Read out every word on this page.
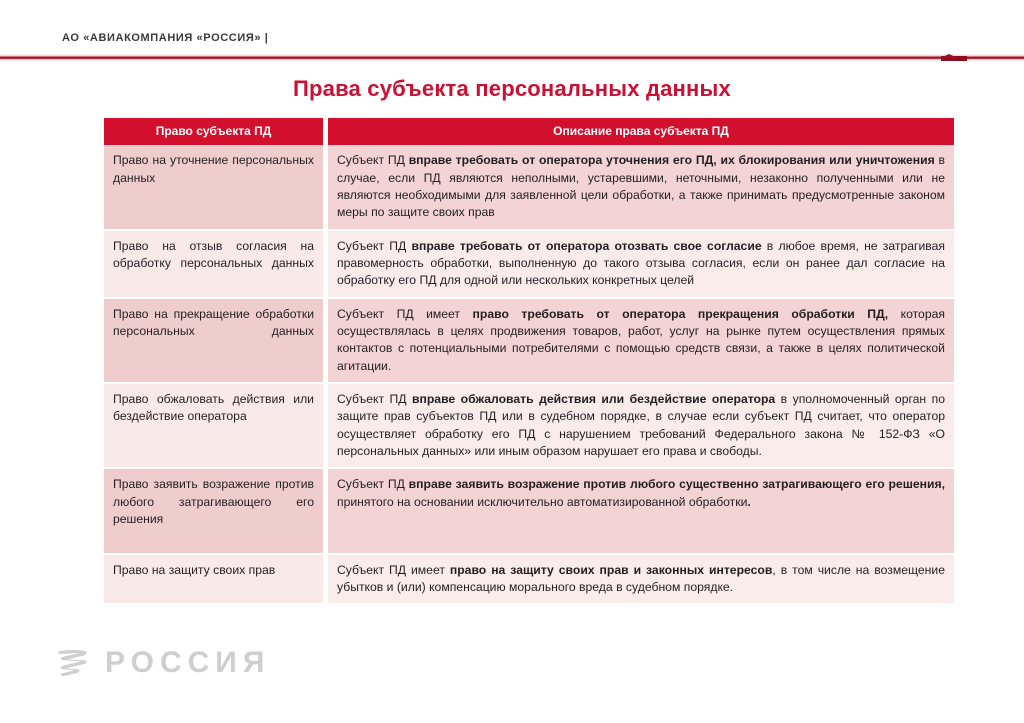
АО «АВИАКОМПАНИЯ «РОССИЯ» |
Права субъекта персональных данных
Право субъекта ПД		Описание права субъекта ПД
Право на уточнение персональных данных		Субъект ПД вправе требовать от оператора уточнения его ПД, их блокирования или уничтожения в случае, если ПД являются неполными, устаревшими, неточными, незаконно полученными или не являются необходимыми для заявленной цели обработки, а также принимать предусмотренные законом меры по защите своих прав
Право на отзыв согласия на обработку персональных данных		Субъект ПД вправе требовать от оператора отозвать свое согласие в любое время, не затрагивая правомерность обработки, выполненную до такого отзыва согласия, если он ранее дал согласие на обработку его ПД для одной или нескольких конкретных целей
Право на прекращение обработки персональных данных		Субъект ПД имеет право требовать от оператора прекращения обработки ПД, которая осуществлялась в целях продвижения товаров, работ, услуг на рынке путем осуществления прямых контактов с потенциальными потребителями с помощью средств связи, а также в целях политической агитации.
Право обжаловать действия или бездействие оператора		Субъект ПД вправе обжаловать действия или бездействие оператора в уполномоченный орган по защите прав субъектов ПД или в судебном порядке, в случае если субъект ПД считает, что оператор осуществляет обработку его ПД с нарушением требований Федерального закона № 152-ФЗ «О персональных данных» или иным образом нарушает его права и свободы.
Право заявить возражение против любого затрагивающего его решения		Субъект ПД вправе заявить возражение против любого существенно затрагивающего его решения, принятого на основании исключительно автоматизированной обработки.
Право на защиту своих прав		Субъект ПД имеет право на защиту своих прав и законных интересов, в том числе на возмещение убытков и (или) компенсацию морального вреда в судебном порядке.
РОССИЯ
